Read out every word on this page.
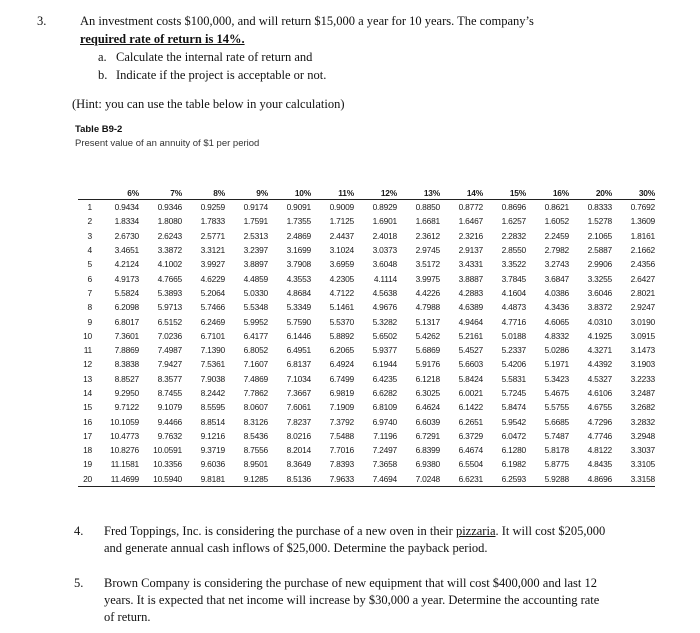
3.	An investment costs $100,000, and will return $15,000 a year for 10 years. The company’s
required rate of return is 14%.
a. Calculate the internal rate of return and
b. Indicate if the project is acceptable or not.
(Hint: you can use the table below in your calculation)
Table B9-2
Present value of an annuity of $1 per period
	6%	7%	8%	9%	10%	11%	12%	13%	14%	15%	16%	20%	30%
1	0.9434	0.9346	0.9259	0.9174	0.9091	0.9009	0.8929	0.8850	0.8772	0.8696	0.8621	0.8333	0.7692
2	1.8334	1.8080	1.7833	1.7591	1.7355	1.7125	1.6901	1.6681	1.6467	1.6257	1.6052	1.5278	1.3609
3	2.6730	2.6243	2.5771	2.5313	2.4869	2.4437	2.4018	2.3612	2.3216	2.2832	2.2459	2.1065	1.8161
4	3.4651	3.3872	3.3121	3.2397	3.1699	3.1024	3.0373	2.9745	2.9137	2.8550	2.7982	2.5887	2.1662
5	4.2124	4.1002	3.9927	3.8897	3.7908	3.6959	3.6048	3.5172	3.4331	3.3522	3.2743	2.9906	2.4356
6	4.9173	4.7665	4.6229	4.4859	4.3553	4.2305	4.1114	3.9975	3.8887	3.7845	3.6847	3.3255	2.6427
7	5.5824	5.3893	5.2064	5.0330	4.8684	4.7122	4.5638	4.4226	4.2883	4.1604	4.0386	3.6046	2.8021
8	6.2098	5.9713	5.7466	5.5348	5.3349	5.1461	4.9676	4.7988	4.6389	4.4873	4.3436	3.8372	2.9247
9	6.8017	6.5152	6.2469	5.9952	5.7590	5.5370	5.3282	5.1317	4.9464	4.7716	4.6065	4.0310	3.0190
10	7.3601	7.0236	6.7101	6.4177	6.1446	5.8892	5.6502	5.4262	5.2161	5.0188	4.8332	4.1925	3.0915
11	7.8869	7.4987	7.1390	6.8052	6.4951	6.2065	5.9377	5.6869	5.4527	5.2337	5.0286	4.3271	3.1473
12	8.3838	7.9427	7.5361	7.1607	6.8137	6.4924	6.1944	5.9176	5.6603	5.4206	5.1971	4.4392	3.1903
13	8.8527	8.3577	7.9038	7.4869	7.1034	6.7499	6.4235	6.1218	5.8424	5.5831	5.3423	4.5327	3.2233
14	9.2950	8.7455	8.2442	7.7862	7.3667	6.9819	6.6282	6.3025	6.0021	5.7245	5.4675	4.6106	3.2487
15	9.7122	9.1079	8.5595	8.0607	7.6061	7.1909	6.8109	6.4624	6.1422	5.8474	5.5755	4.6755	3.2682
16	10.1059	9.4466	8.8514	8.3126	7.8237	7.3792	6.9740	6.6039	6.2651	5.9542	5.6685	4.7296	3.2832
17	10.4773	9.7632	9.1216	8.5436	8.0216	7.5488	7.1196	6.7291	6.3729	6.0472	5.7487	4.7746	3.2948
18	10.8276	10.0591	9.3719	8.7556	8.2014	7.7016	7.2497	6.8399	6.4674	6.1280	5.8178	4.8122	3.3037
19	11.1581	10.3356	9.6036	8.9501	8.3649	7.8393	7.3658	6.9380	6.5504	6.1982	5.8775	4.8435	3.3105
20	11.4699	10.5940	9.8181	9.1285	8.5136	7.9633	7.4694	7.0248	6.6231	6.2593	5.9288	4.8696	3.3158
4.	Fred Toppings, Inc. is considering the purchase of a new oven in their pizzaria. It will cost $205,000
and generate annual cash inflows of $25,000. Determine the payback period.
5.	Brown Company is considering the purchase of new equipment that will cost $400,000 and last 12
years. It is expected that net income will increase by $30,000 a year. Determine the accounting rate
of return.
